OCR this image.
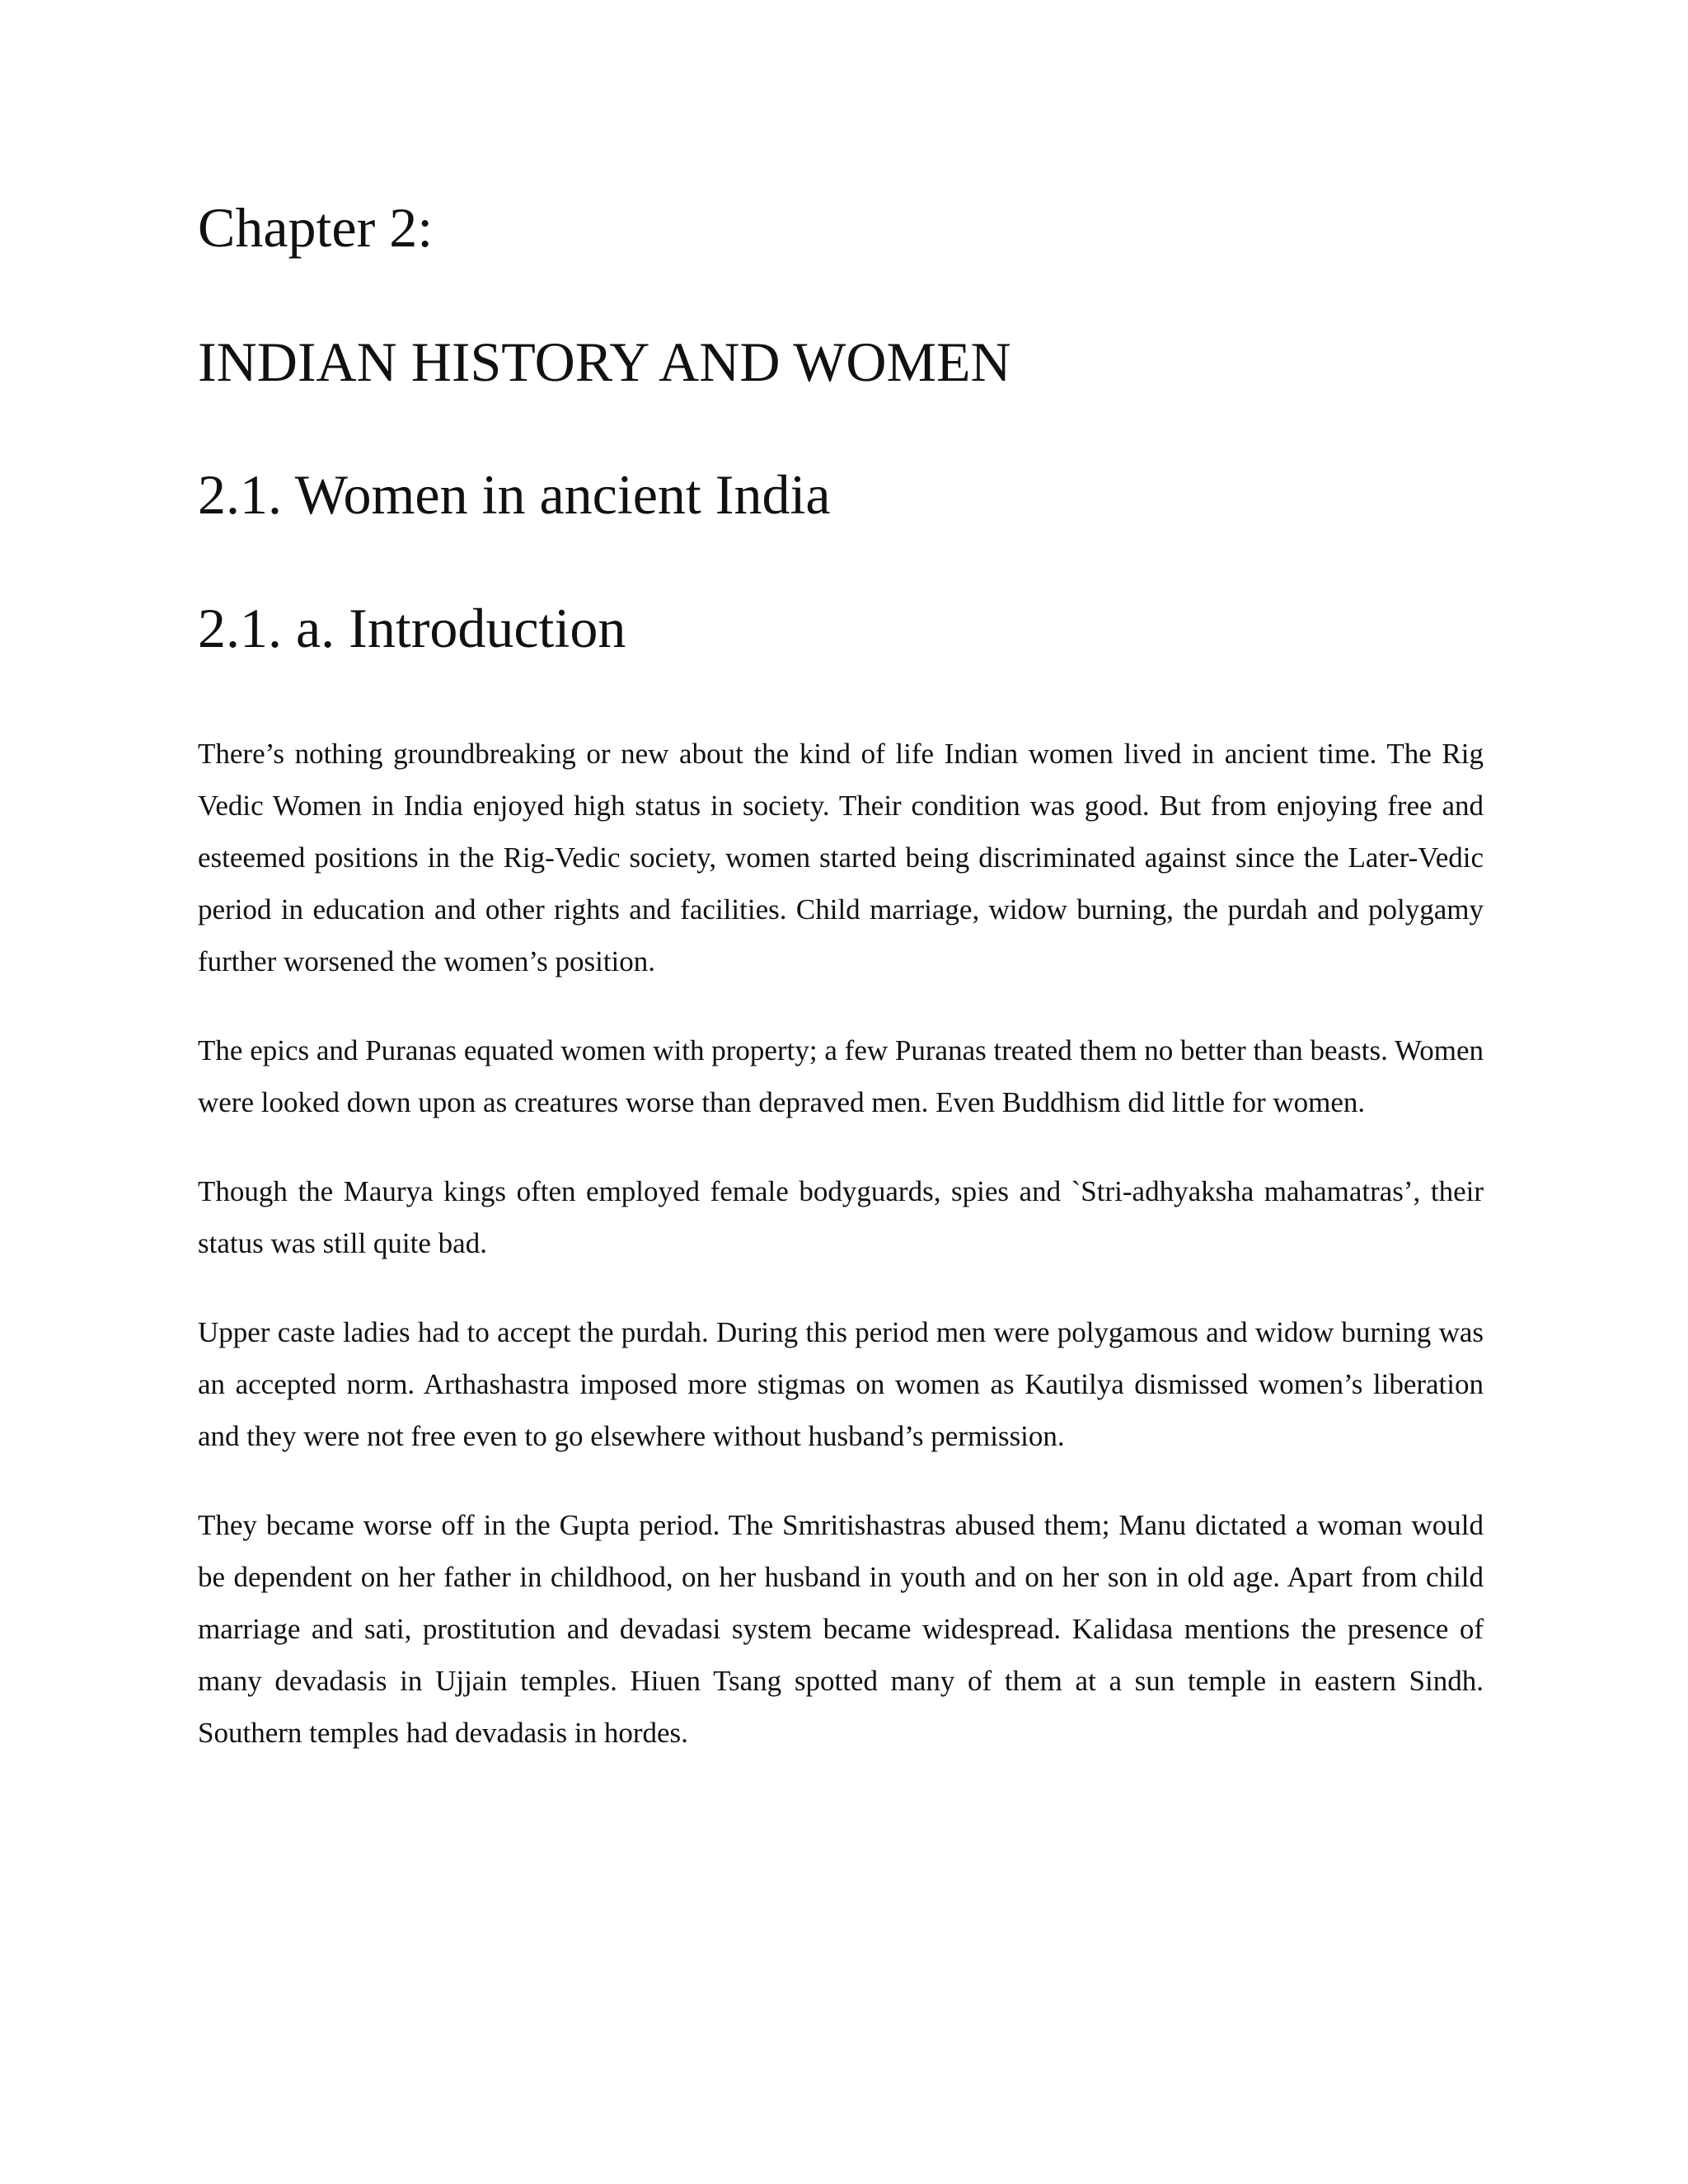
Chapter 2:
INDIAN HISTORY AND WOMEN
2.1. Women in ancient India
2.1. a. Introduction

There’s nothing groundbreaking or new about the kind of life Indian women lived in ancient time. The Rig Vedic Women in India enjoyed high status in society. Their condition was good. But from enjoying free and esteemed positions in the Rig-Vedic society, women started being discriminated against since the Later-Vedic period in education and other rights and facilities. Child marriage, widow burning, the purdah and polygamy further worsened the women’s position.

The epics and Puranas equated women with property; a few Puranas treated them no better than beasts. Women were looked down upon as creatures worse than depraved men. Even Buddhism did little for women.

Though the Maurya kings often employed female bodyguards, spies and `Stri-adhyaksha mahamatras’, their status was still quite bad.

Upper caste ladies had to accept the purdah. During this period men were polygamous and widow burning was an accepted norm. Arthashastra imposed more stigmas on women as Kautilya dismissed women’s liberation and they were not free even to go elsewhere without husband’s permission.

They became worse off in the Gupta period. The Smritishastras abused them; Manu dictated a woman would be dependent on her father in childhood, on her husband in youth and on her son in old age. Apart from child marriage and sati, prostitution and devadasi system became widespread. Kalidasa mentions the presence of many devadasis in Ujjain temples. Hiuen Tsang spotted many of them at a sun temple in eastern Sindh. Southern temples had devadasis in hordes.
